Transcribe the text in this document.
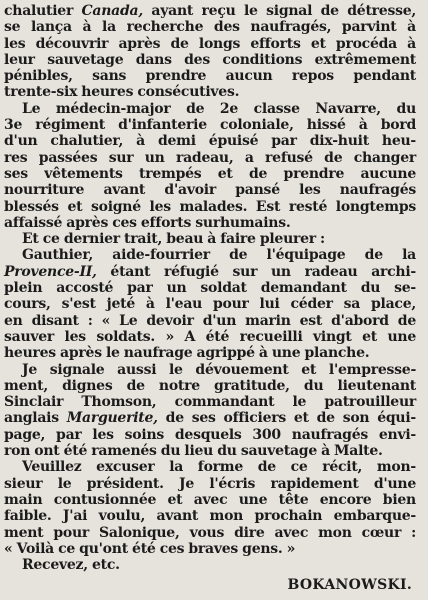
chalutier Canada, ayant reçu le signal de détresse,
se lança à la recherche des naufragés, parvint à
les découvrir après de longs efforts et procéda à
leur sauvetage dans des conditions extrêmement
pénibles, sans prendre aucun repos pendant
trente-six heures consécutives.
Le médecin-major de 2e classe Navarre, du
3e régiment d'infanterie coloniale, hissé à bord
d'un chalutier, à demi épuisé par dix-huit heu-
res passées sur un radeau, a refusé de changer
ses vêtements trempés et de prendre aucune
nourriture avant d'avoir pansé les naufragés
blessés et soigné les malades. Est resté longtemps
affaissé après ces efforts surhumains.
Et ce dernier trait, beau à faire pleurer :
Gauthier, aide-fourrier de l'équipage de la
Provence-II, étant réfugié sur un radeau archi-
plein accosté par un soldat demandant du se-
cours, s'est jeté à l'eau pour lui céder sa place,
en disant : « Le devoir d'un marin est d'abord de
sauver les soldats. » A été recueilli vingt et une
heures après le naufrage agrippé à une planche.
Je signale aussi le dévouement et l'empresse-
ment, dignes de notre gratitude, du lieutenant
Sinclair Thomson, commandant le patrouilleur
anglais Marguerite, de ses officiers et de son équi-
page, par les soins desquels 300 naufragés envi-
ron ont été ramenés du lieu du sauvetage à Malte.
Veuillez excuser la forme de ce récit, mon-
sieur le président. Je l'écris rapidement d'une
main contusionnée et avec une tête encore bien
faible. J'ai voulu, avant mon prochain embarque-
ment pour Salonique, vous dire avec mon cœur :
« Voilà ce qu'ont été ces braves gens. »
Recevez, etc.
BOKANOWSKI.
